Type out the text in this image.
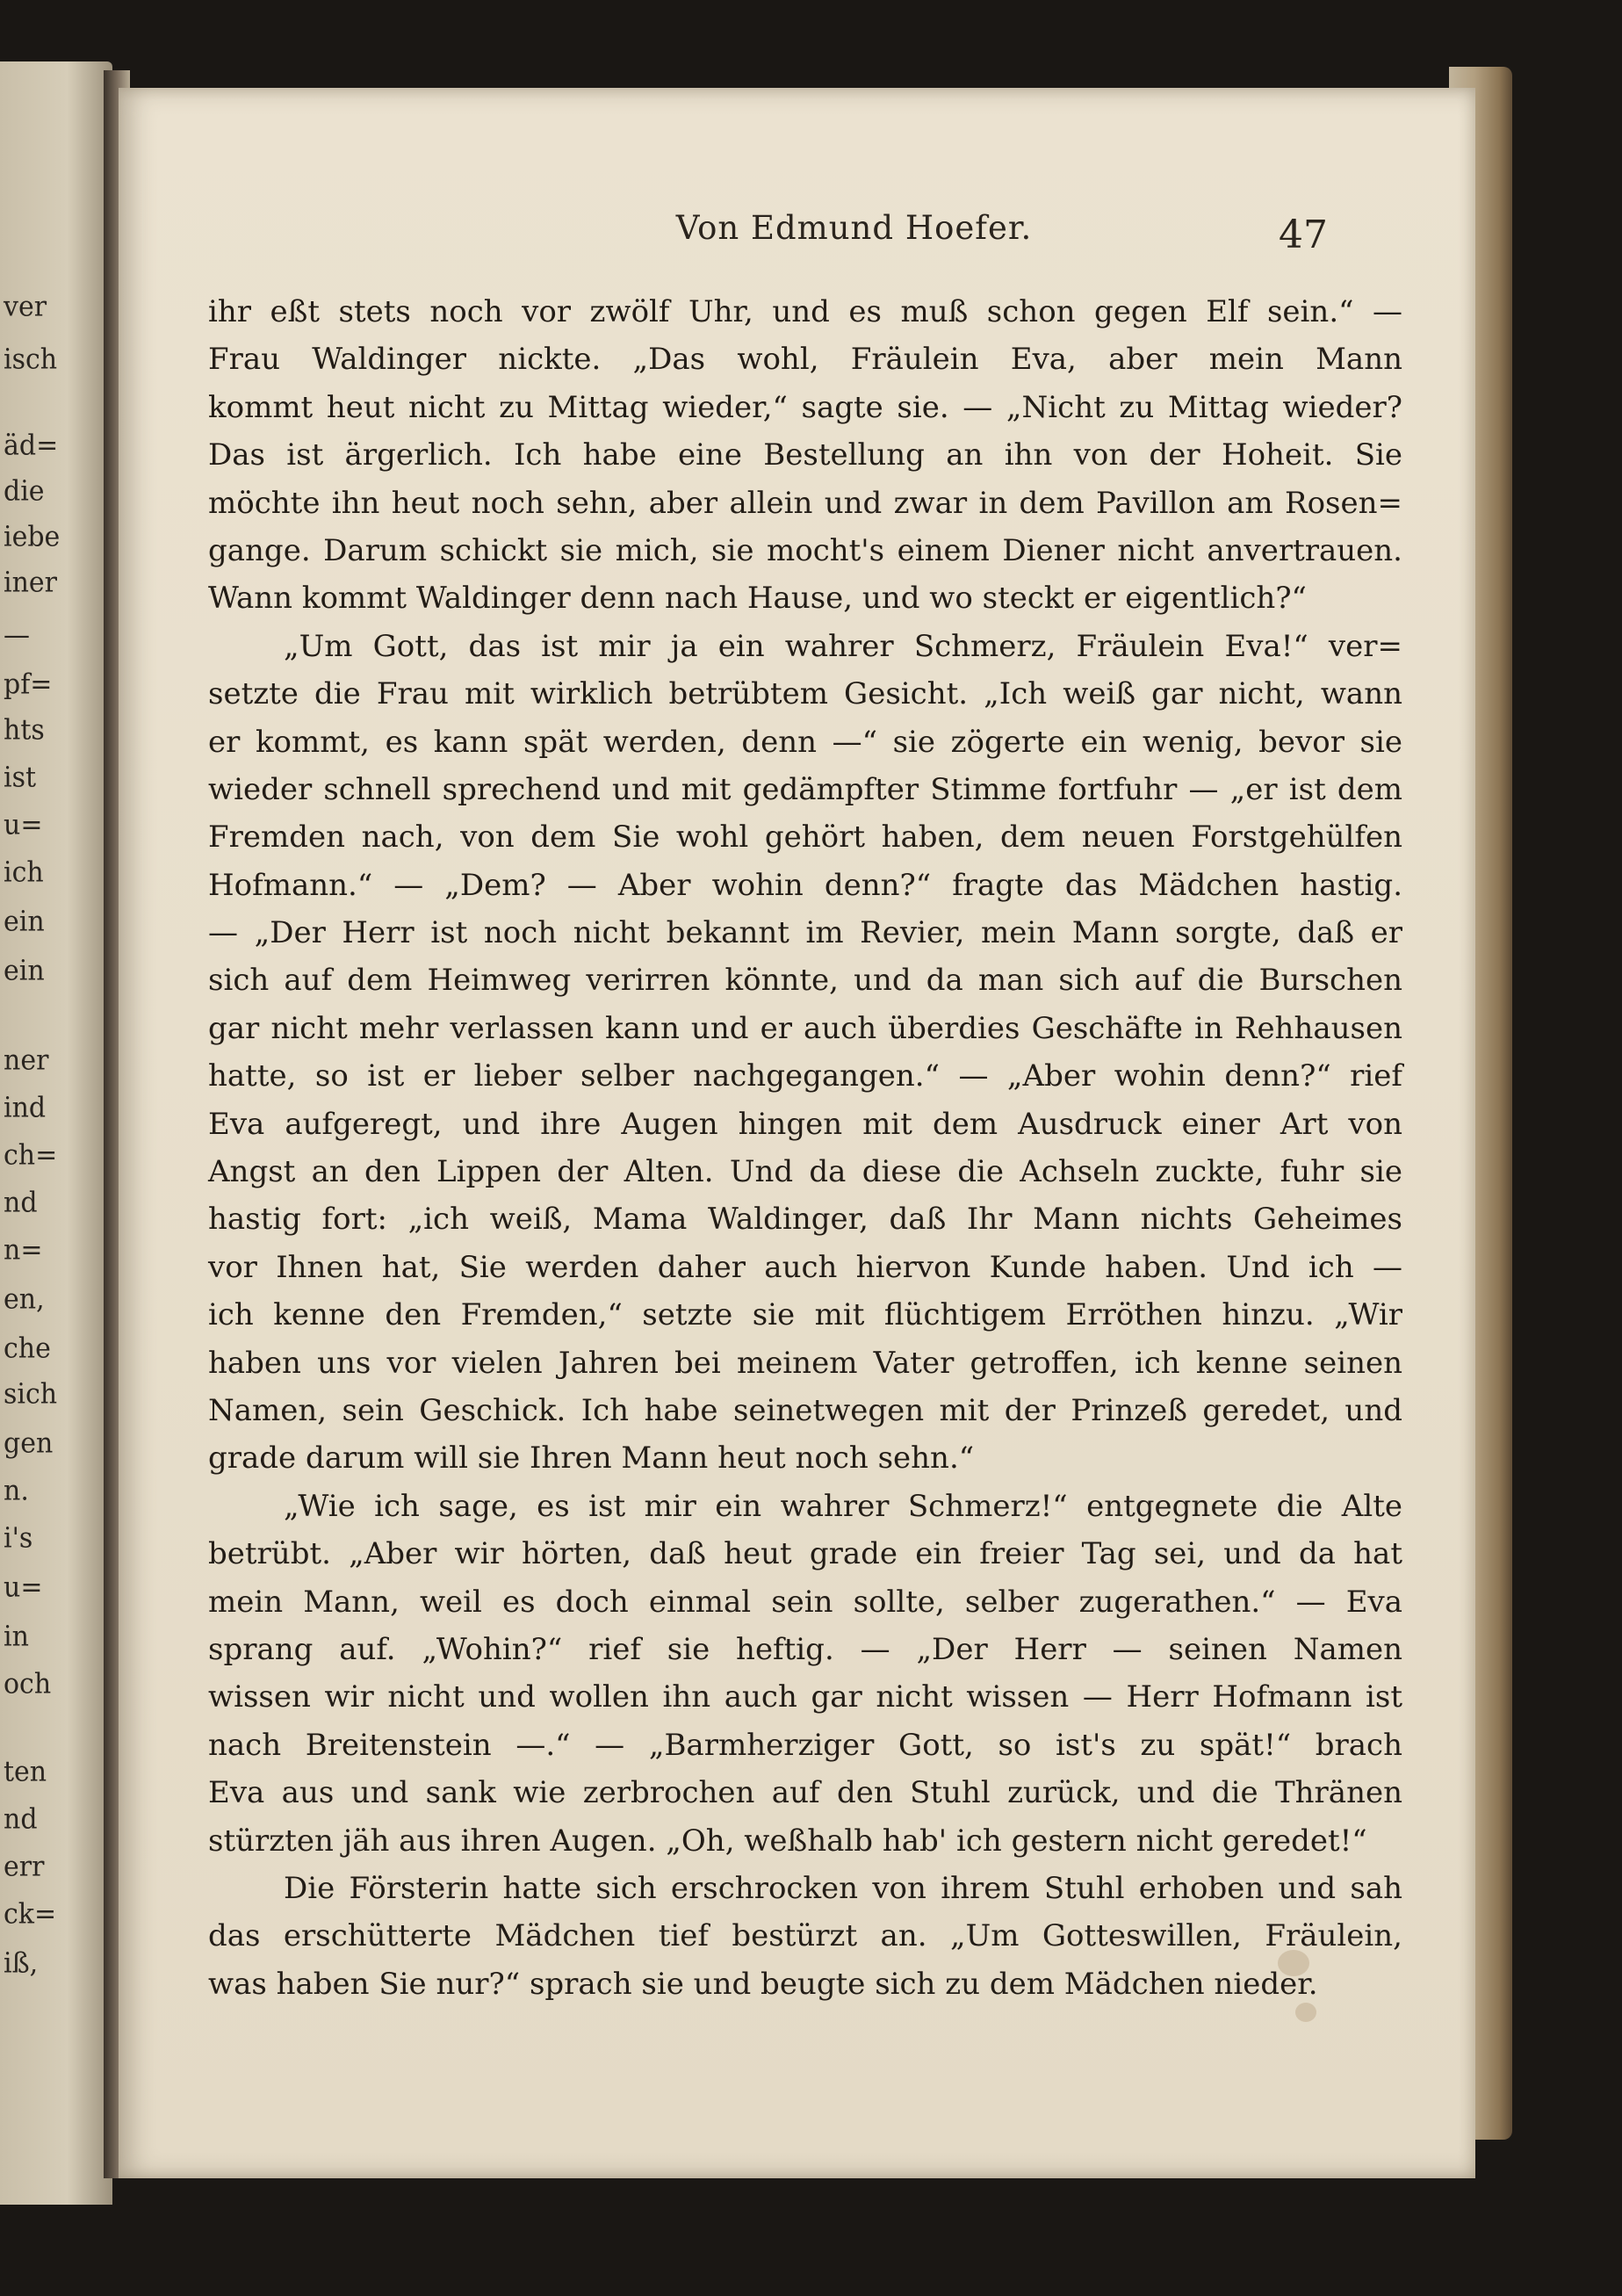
ver
isch
äd=
die
iebe
iner
—
pf=
hts
ist
u=
ich
ein
ein
ner
ind
ch=
nd
n=
en,
che
sich
gen
n.
i's
u=
in
och
ten
nd
err
ck=
iß,
Von Edmund Hoefer.	47
ihr eßt stets noch vor zwölf Uhr, und es muß schon gegen Elf sein.“ —
Frau Waldinger nickte. „Das wohl, Fräulein Eva, aber mein Mann
kommt heut nicht zu Mittag wieder,“ sagte sie. — „Nicht zu Mittag wieder?
Das ist ärgerlich. Ich habe eine Bestellung an ihn von der Hoheit. Sie
möchte ihn heut noch sehn, aber allein und zwar in dem Pavillon am Rosen=
gange. Darum schickt sie mich, sie mocht's einem Diener nicht anvertrauen.
Wann kommt Waldinger denn nach Hause, und wo steckt er eigentlich?“
„Um Gott, das ist mir ja ein wahrer Schmerz, Fräulein Eva!“ ver=
setzte die Frau mit wirklich betrübtem Gesicht. „Ich weiß gar nicht, wann
er kommt, es kann spät werden, denn —“ sie zögerte ein wenig, bevor sie
wieder schnell sprechend und mit gedämpfter Stimme fortfuhr — „er ist dem
Fremden nach, von dem Sie wohl gehört haben, dem neuen Forstgehülfen
Hofmann.“ — „Dem? — Aber wohin denn?“ fragte das Mädchen hastig.
— „Der Herr ist noch nicht bekannt im Revier, mein Mann sorgte, daß er
sich auf dem Heimweg verirren könnte, und da man sich auf die Burschen
gar nicht mehr verlassen kann und er auch überdies Geschäfte in Rehhausen
hatte, so ist er lieber selber nachgegangen.“ — „Aber wohin denn?“ rief
Eva aufgeregt, und ihre Augen hingen mit dem Ausdruck einer Art von
Angst an den Lippen der Alten. Und da diese die Achseln zuckte, fuhr sie
hastig fort: „ich weiß, Mama Waldinger, daß Ihr Mann nichts Geheimes
vor Ihnen hat, Sie werden daher auch hiervon Kunde haben. Und ich —
ich kenne den Fremden,“ setzte sie mit flüchtigem Erröthen hinzu. „Wir
haben uns vor vielen Jahren bei meinem Vater getroffen, ich kenne seinen
Namen, sein Geschick. Ich habe seinetwegen mit der Prinzeß geredet, und
grade darum will sie Ihren Mann heut noch sehn.“
„Wie ich sage, es ist mir ein wahrer Schmerz!“ entgegnete die Alte
betrübt. „Aber wir hörten, daß heut grade ein freier Tag sei, und da hat
mein Mann, weil es doch einmal sein sollte, selber zugerathen.“ — Eva
sprang auf. „Wohin?“ rief sie heftig. — „Der Herr — seinen Namen
wissen wir nicht und wollen ihn auch gar nicht wissen — Herr Hofmann ist
nach Breitenstein —.“ — „Barmherziger Gott, so ist's zu spät!“ brach
Eva aus und sank wie zerbrochen auf den Stuhl zurück, und die Thränen
stürzten jäh aus ihren Augen. „Oh, weßhalb hab' ich gestern nicht geredet!“
Die Försterin hatte sich erschrocken von ihrem Stuhl erhoben und sah
das erschütterte Mädchen tief bestürzt an. „Um Gotteswillen, Fräulein,
was haben Sie nur?“ sprach sie und beugte sich zu dem Mädchen nieder.
